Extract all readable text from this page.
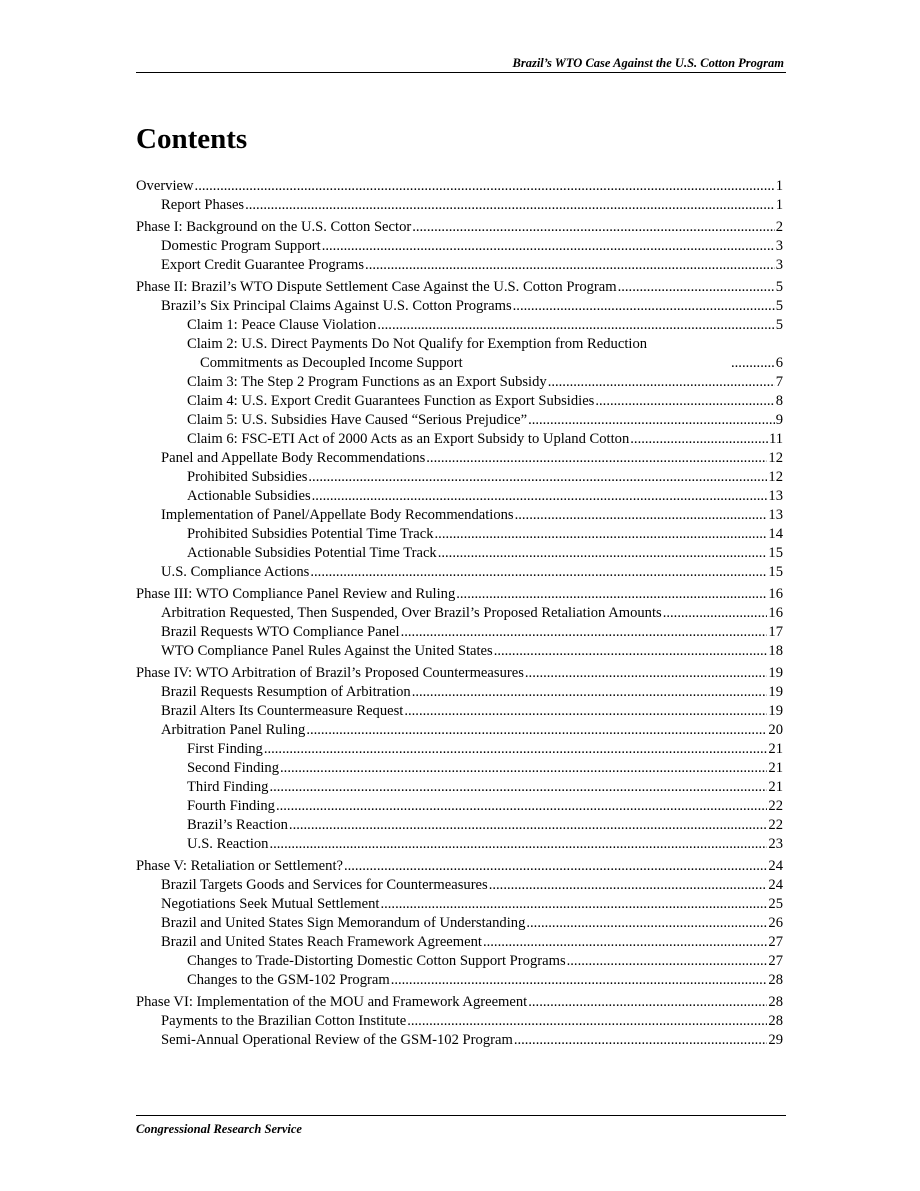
Brazil’s WTO Case Against the U.S. Cotton Program
Contents
Overview .....	1
Report Phases .....	1
Phase I: Background on the U.S. Cotton Sector .....	2
Domestic Program Support .....	3
Export Credit Guarantee Programs .....	3
Phase II: Brazil’s WTO Dispute Settlement Case Against the U.S. Cotton Program .....	5
Brazil’s Six Principal Claims Against U.S. Cotton Programs .....	5
Claim 1: Peace Clause Violation .....	5
Claim 2: U.S. Direct Payments Do Not Qualify for Exemption from Reduction Commitments as Decoupled Income Support .....	6
Claim 3: The Step 2 Program Functions as an Export Subsidy .....	7
Claim 4: U.S. Export Credit Guarantees Function as Export Subsidies .....	8
Claim 5: U.S. Subsidies Have Caused “Serious Prejudice” .....	9
Claim 6: FSC-ETI Act of 2000 Acts as an Export Subsidy to Upland Cotton .....	11
Panel and Appellate Body Recommendations .....	12
Prohibited Subsidies .....	12
Actionable Subsidies .....	13
Implementation of Panel/Appellate Body Recommendations .....	13
Prohibited Subsidies Potential Time Track .....	14
Actionable Subsidies Potential Time Track .....	15
U.S. Compliance Actions .....	15
Phase III: WTO Compliance Panel Review and Ruling .....	16
Arbitration Requested, Then Suspended, Over Brazil’s Proposed Retaliation Amounts .....	16
Brazil Requests WTO Compliance Panel .....	17
WTO Compliance Panel Rules Against the United States .....	18
Phase IV: WTO Arbitration of Brazil’s Proposed Countermeasures .....	19
Brazil Requests Resumption of Arbitration .....	19
Brazil Alters Its Countermeasure Request .....	19
Arbitration Panel Ruling .....	20
First Finding .....	21
Second Finding .....	21
Third Finding .....	21
Fourth Finding .....	22
Brazil’s Reaction .....	22
U.S. Reaction .....	23
Phase V: Retaliation or Settlement? .....	24
Brazil Targets Goods and Services for Countermeasures .....	24
Negotiations Seek Mutual Settlement .....	25
Brazil and United States Sign Memorandum of Understanding .....	26
Brazil and United States Reach Framework Agreement .....	27
Changes to Trade-Distorting Domestic Cotton Support Programs .....	27
Changes to the GSM-102 Program .....	28
Phase VI: Implementation of the MOU and Framework Agreement .....	28
Payments to the Brazilian Cotton Institute .....	28
Semi-Annual Operational Review of the GSM-102 Program .....	29
Congressional Research Service
